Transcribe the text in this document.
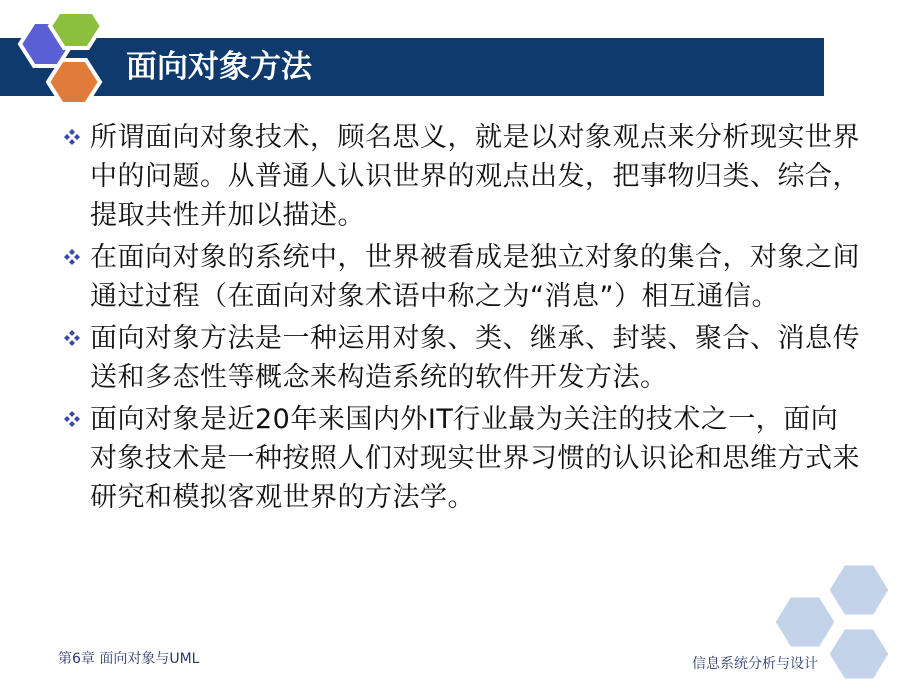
面向对象方法
所谓面向对象技术，顾名思义，就是以对象观点来分析现实世界中的问题。从普通人认识世界的观点出发，把事物归类、综合，提取共性并加以描述。
在面向对象的系统中，世界被看成是独立对象的集合，对象之间通过过程（在面向对象术语中称之为“消息”）相互通信。
面向对象方法是一种运用对象、类、继承、封装、聚合、消息传送和多态性等概念来构造系统的软件开发方法。
面向对象是近20年来国内外IT行业最为关注的技术之一，面向对象技术是一种按照人们对现实世界习惯的认识论和思维方式来研究和模拟客观世界的方法学。
第6章 面向对象与UML	信息系统分析与设计
